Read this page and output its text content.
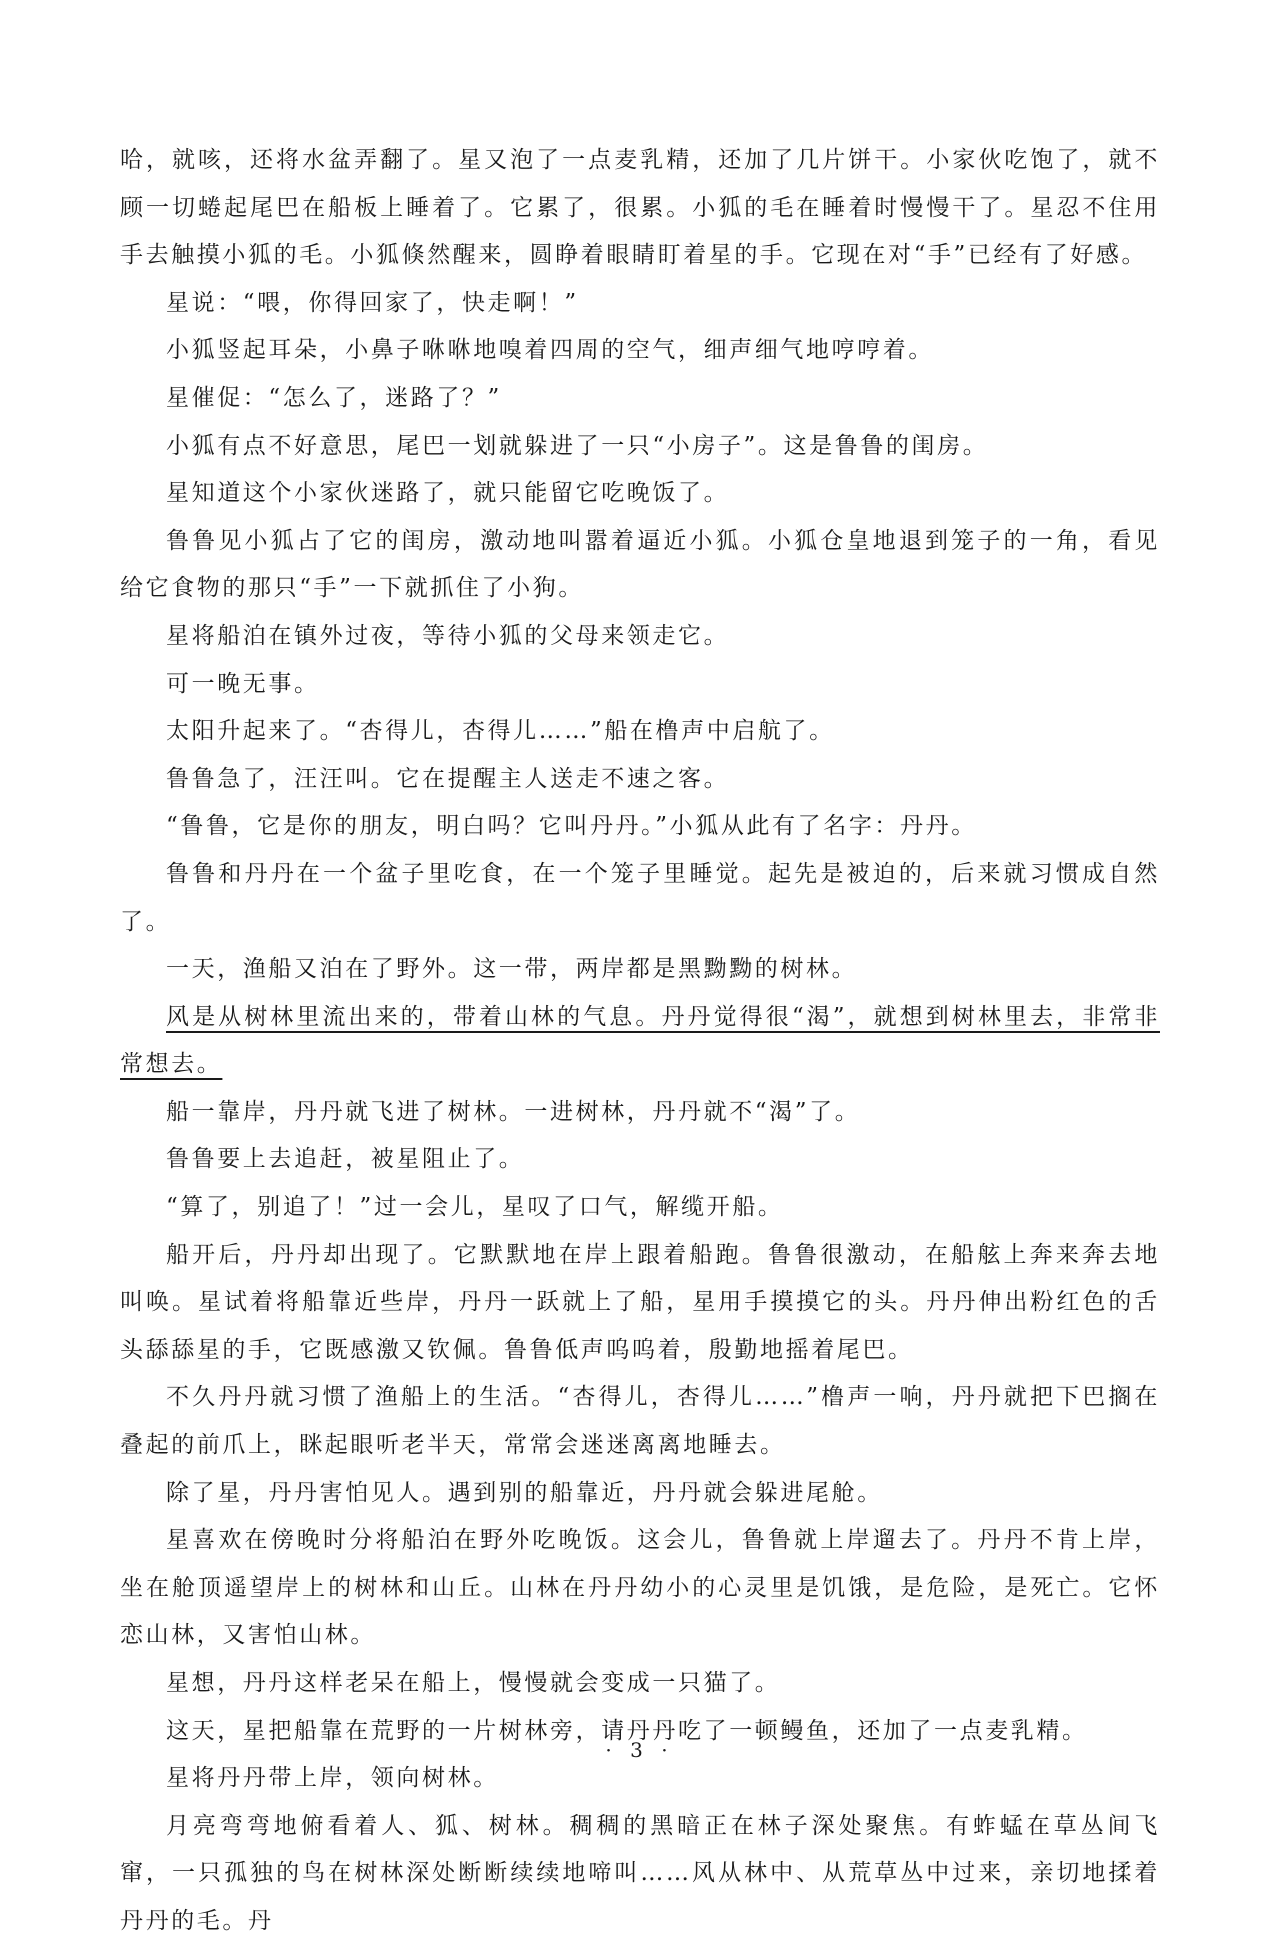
哈，就咳，还将水盆弄翻了。星又泡了一点麦乳精，还加了几片饼干。小家伙吃饱了，就不顾一切蜷起尾巴在船板上睡着了。它累了，很累。小狐的毛在睡着时慢慢干了。星忍不住用手去触摸小狐的毛。小狐倏然醒来，圆睁着眼睛盯着星的手。它现在对“手”已经有了好感。

星说：“喂，你得回家了，快走啊！”

小狐竖起耳朵，小鼻子咻咻地嗅着四周的空气，细声细气地哼哼着。

星催促：“怎么了，迷路了？”

小狐有点不好意思，尾巴一划就躲进了一只“小房子”。这是鲁鲁的闺房。

星知道这个小家伙迷路了，就只能留它吃晚饭了。

鲁鲁见小狐占了它的闺房，激动地叫嚣着逼近小狐。小狐仓皇地退到笼子的一角，看见给它食物的那只“手”一下就抓住了小狗。

星将船泊在镇外过夜，等待小狐的父母来领走它。

可一晚无事。

太阳升起来了。“杏得儿，杏得儿……”船在橹声中启航了。

鲁鲁急了，汪汪叫。它在提醒主人送走不速之客。

“鲁鲁，它是你的朋友，明白吗？它叫丹丹。”小狐从此有了名字：丹丹。

鲁鲁和丹丹在一个盆子里吃食，在一个笼子里睡觉。起先是被迫的，后来就习惯成自然了。

一天，渔船又泊在了野外。这一带，两岸都是黑黝黝的树林。

风是从树林里流出来的，带着山林的气息。丹丹觉得很“渴”，就想到树林里去，非常非常想去。

船一靠岸，丹丹就飞进了树林。一进树林，丹丹就不“渴”了。

鲁鲁要上去追赶，被星阻止了。

“算了，别追了！”过一会儿，星叹了口气，解缆开船。

船开后，丹丹却出现了。它默默地在岸上跟着船跑。鲁鲁很激动，在船舷上奔来奔去地叫唤。星试着将船靠近些岸，丹丹一跃就上了船，星用手摸摸它的头。丹丹伸出粉红色的舌头舔舔星的手，它既感激又钦佩。鲁鲁低声呜呜着，殷勤地摇着尾巴。

不久丹丹就习惯了渔船上的生活。“杏得儿，杏得儿……”橹声一响，丹丹就把下巴搁在叠起的前爪上，眯起眼听老半天，常常会迷迷离离地睡去。

除了星，丹丹害怕见人。遇到别的船靠近，丹丹就会躲进尾舱。

星喜欢在傍晚时分将船泊在野外吃晚饭。这会儿，鲁鲁就上岸遛去了。丹丹不肯上岸，坐在舱顶遥望岸上的树林和山丘。山林在丹丹幼小的心灵里是饥饿，是危险，是死亡。它怀恋山林，又害怕山林。

星想，丹丹这样老呆在船上，慢慢就会变成一只猫了。

这天，星把船靠在荒野的一片树林旁，请丹丹吃了一顿鳗鱼，还加了一点麦乳精。

星将丹丹带上岸，领向树林。

月亮弯弯地俯看着人、狐、树林。稠稠的黑暗正在林子深处聚焦。有蚱蜢在草丛间飞窜，一只孤独的鸟在树林深处断断续续地啼叫……风从林中、从荒草丛中过来，亲切地揉着丹丹的毛。丹

· 3 ·
